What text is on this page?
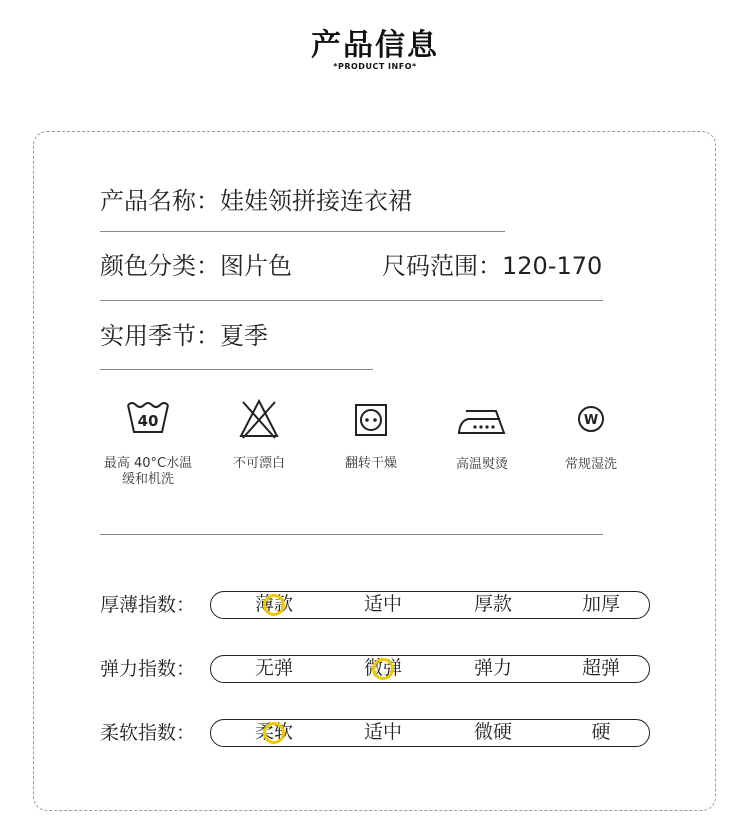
产品信息
*PRODUCT INFO*
产品名称：娃娃领拼接连衣裙
颜色分类：图片色	尺码范围：120-170
实用季节：夏季
40
最高 40°C水温
缓和机洗
不可漂白	翻转干燥	高温熨烫
W
常规湿洗
厚薄指数：	薄款	适中	厚款	加厚
弹力指数：	无弹	微弹	弹力	超弹
柔软指数：	柔软	适中	微硬	硬
